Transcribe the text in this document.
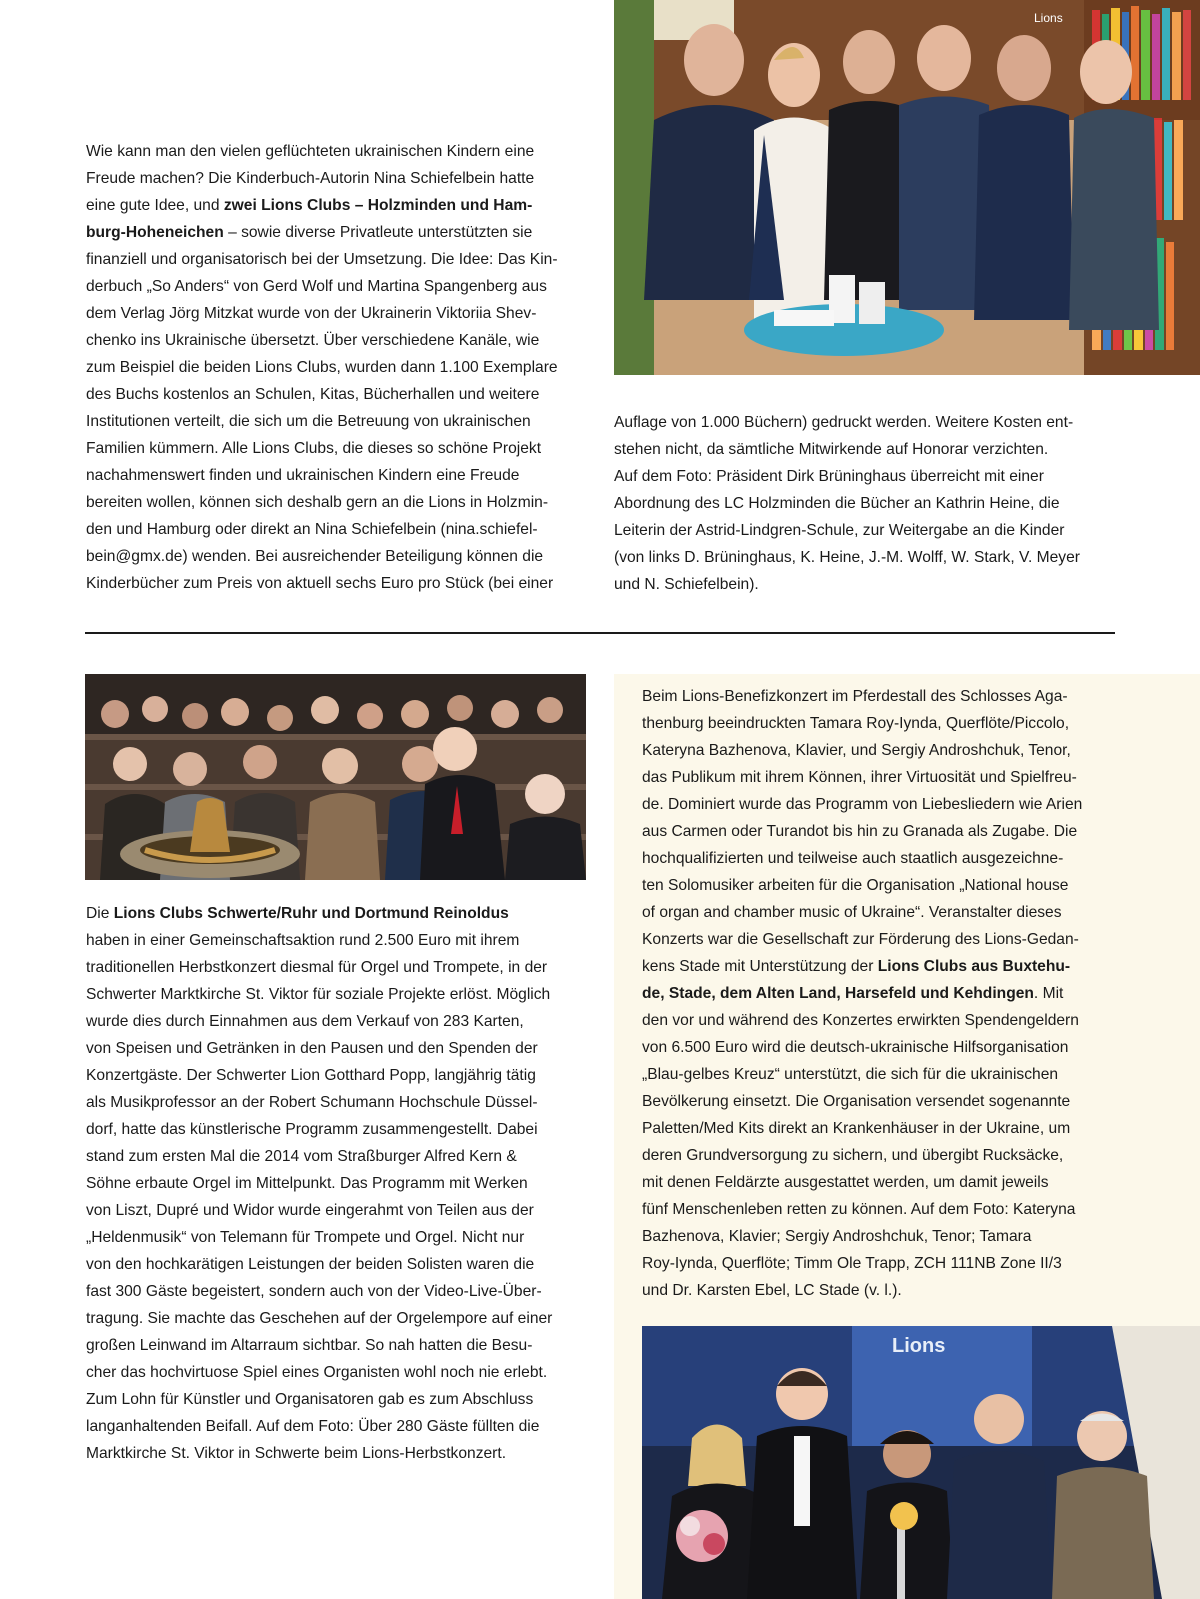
Lions
Wie kann man den vielen geflüchteten ukrainischen Kindern eine
Freude machen? Die Kinderbuch-Autorin Nina Schiefelbein hatte
eine gute Idee, und zwei Lions Clubs – Holzminden und Ham-
burg-Hoheneichen – sowie diverse Privatleute unterstützten sie
finanziell und organisatorisch bei der Umsetzung. Die Idee: Das Kin-
derbuch „So Anders“ von Gerd Wolf und Martina Spangenberg aus
dem Verlag Jörg Mitzkat wurde von der Ukrainerin Viktoriia Shev-
chenko ins Ukrainische übersetzt. Über verschiedene Kanäle, wie
zum Beispiel die beiden Lions Clubs, wurden dann 1.100 Exemplare
des Buchs kostenlos an Schulen, Kitas, Bücherhallen und weitere
Institutionen verteilt, die sich um die Betreuung von ukrainischen
Familien kümmern. Alle Lions Clubs, die dieses so schöne Projekt
nachahmenswert finden und ukrainischen Kindern eine Freude
bereiten wollen, können sich deshalb gern an die Lions in Holzmin-
den und Hamburg oder direkt an Nina Schiefelbein (nina.schiefel-
bein@gmx.de) wenden. Bei ausreichender Beteiligung können die
Kinderbücher zum Preis von aktuell sechs Euro pro Stück (bei einer
Auflage von 1.000 Büchern) gedruckt werden. Weitere Kosten ent-
stehen nicht, da sämtliche Mitwirkende auf Honorar verzichten.
Auf dem Foto: Präsident Dirk Brüninghaus überreicht mit einer
Abordnung des LC Holzminden die Bücher an Kathrin Heine, die
Leiterin der Astrid-Lindgren-Schule, zur Weitergabe an die Kinder
(von links D. Brüninghaus, K. Heine, J.-M. Wolff, W. Stark, V. Meyer
und N. Schiefelbein).
Die Lions Clubs Schwerte/Ruhr und Dortmund Reinoldus
haben in einer Gemeinschaftsaktion rund 2.500 Euro mit ihrem
traditionellen Herbstkonzert diesmal für Orgel und Trompete, in der
Schwerter Marktkirche St. Viktor für soziale Projekte erlöst. Möglich
wurde dies durch Einnahmen aus dem Verkauf von 283 Karten,
von Speisen und Getränken in den Pausen und den Spenden der
Konzertgäste. Der Schwerter Lion Gotthard Popp, langjährig tätig
als Musikprofessor an der Robert Schumann Hochschule Düssel-
dorf, hatte das künstlerische Programm zusammengestellt. Dabei
stand zum ersten Mal die 2014 vom Straßburger Alfred Kern &
Söhne erbaute Orgel im Mittelpunkt. Das Programm mit Werken
von Liszt, Dupré und Widor wurde eingerahmt von Teilen aus der
„Heldenmusik“ von Telemann für Trompete und Orgel. Nicht nur
von den hochkarätigen Leistungen der beiden Solisten waren die
fast 300 Gäste begeistert, sondern auch von der Video-Live-Über-
tragung. Sie machte das Geschehen auf der Orgelempore auf einer
großen Leinwand im Altarraum sichtbar. So nah hatten die Besu-
cher das hochvirtuose Spiel eines Organisten wohl noch nie erlebt.
Zum Lohn für Künstler und Organisatoren gab es zum Abschluss
langanhaltenden Beifall. Auf dem Foto: Über 280 Gäste füllten die
Marktkirche St. Viktor in Schwerte beim Lions-Herbstkonzert.
Beim Lions-Benefizkonzert im Pferdestall des Schlosses Aga-
thenburg beeindruckten Tamara Roy-Iynda, Querflöte/Piccolo,
Kateryna Bazhenova, Klavier, und Sergiy Androshchuk, Tenor,
das Publikum mit ihrem Können, ihrer Virtuosität und Spielfreu-
de. Dominiert wurde das Programm von Liebesliedern wie Arien
aus Carmen oder Turandot bis hin zu Granada als Zugabe. Die
hochqualifizierten und teilweise auch staatlich ausgezeichne-
ten Solomusiker arbeiten für die Organisation „National house
of organ and chamber music of Ukraine“. Veranstalter dieses
Konzerts war die Gesellschaft zur Förderung des Lions-Gedan-
kens Stade mit Unterstützung der Lions Clubs aus Buxtehu-
de, Stade, dem Alten Land, Harsefeld und Kehdingen. Mit
den vor und während des Konzertes erwirkten Spendengeldern
von 6.500 Euro wird die deutsch-ukrainische Hilfsorganisation
„Blau-gelbes Kreuz“ unterstützt, die sich für die ukrainischen
Bevölkerung einsetzt. Die Organisation versendet sogenannte
Paletten/Med Kits direkt an Krankenhäuser in der Ukraine, um
deren Grundversorgung zu sichern, und übergibt Rucksäcke,
mit denen Feldärzte ausgestattet werden, um damit jeweils
fünf Menschenleben retten zu können. Auf dem Foto: Kateryna
Bazhenova, Klavier; Sergiy Androshchuk, Tenor; Tamara
Roy-Iynda, Querflöte; Timm Ole Trapp, ZCH 111NB Zone II/3
und Dr. Karsten Ebel, LC Stade (v. l.).
Lions
